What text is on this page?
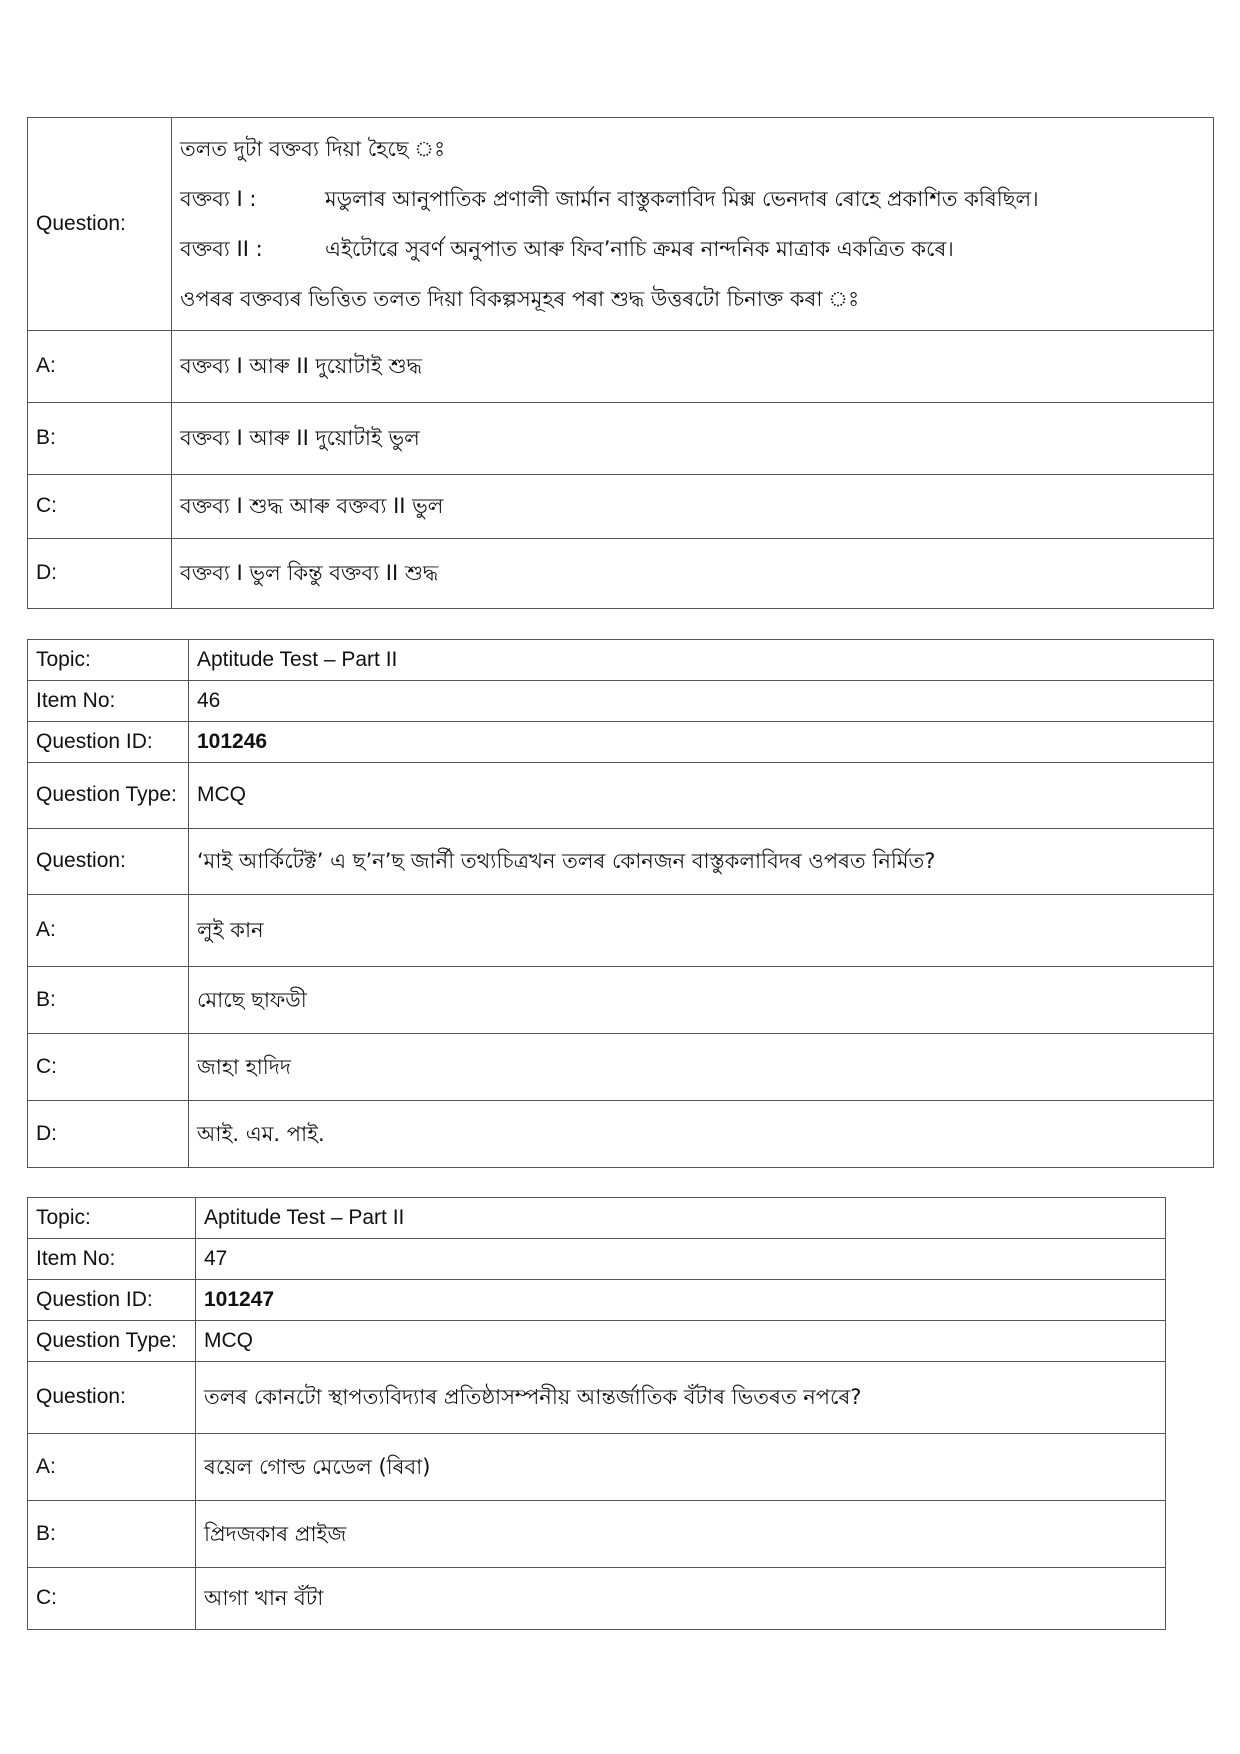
Question:	তলত দুটা বক্তব্য দিয়া হৈছে ঃ
বক্তব্য I : মডুলাৰ আনুপাতিক প্ৰণালী জাৰ্মান বাস্তুকলাবিদ মিক্স ভেনদাৰ ৰোহে প্ৰকাশিত কৰিছিল।
বক্তব্য II : এইটোৱে সুবৰ্ণ অনুপাত আৰু ফিব’নাচি ক্ৰমৰ নান্দনিক মাত্ৰাক একত্ৰিত কৰে।
ওপৰৰ বক্তব্যৰ ভিত্তিত তলত দিয়া বিকল্পসমূহৰ পৰা শুদ্ধ উত্তৰটো চিনাক্ত কৰা ঃ

A:	বক্তব্য I আৰু II দুয়োটাই শুদ্ধ
B:	বক্তব্য I আৰু II দুয়োটাই ভুল
C:	বক্তব্য I শুদ্ধ আৰু বক্তব্য II ভুল
D:	বক্তব্য I ভুল কিন্তু বক্তব্য II শুদ্ধ
Topic:	Aptitude Test – Part II
Item No:	46
Question ID:	101246
Question Type:	MCQ
Question:	‘মাই আৰ্কিটেক্ট’ এ ছ’ন’ছ জাৰ্নী তথ্যচিত্ৰখন তলৰ কোনজন বাস্তুকলাবিদৰ ওপৰত নিৰ্মিত?
A:	লুই কান
B:	মোছে ছাফডী
C:	জাহা হাদিদ
D:	আই. এম. পাই.
Topic:	Aptitude Test – Part II
Item No:	47
Question ID:	101247
Question Type:	MCQ
Question:	তলৰ কোনটো স্থাপত্যবিদ্যাৰ প্ৰতিষ্ঠাসম্পনীয় আন্তৰ্জাতিক বঁটাৰ ভিতৰত নপৰে?
A:	ৰয়েল গোল্ড মেডেল (ৰিবা)
B:	প্ৰিদজকাৰ প্ৰাইজ
C:	আগা খান বঁটা
